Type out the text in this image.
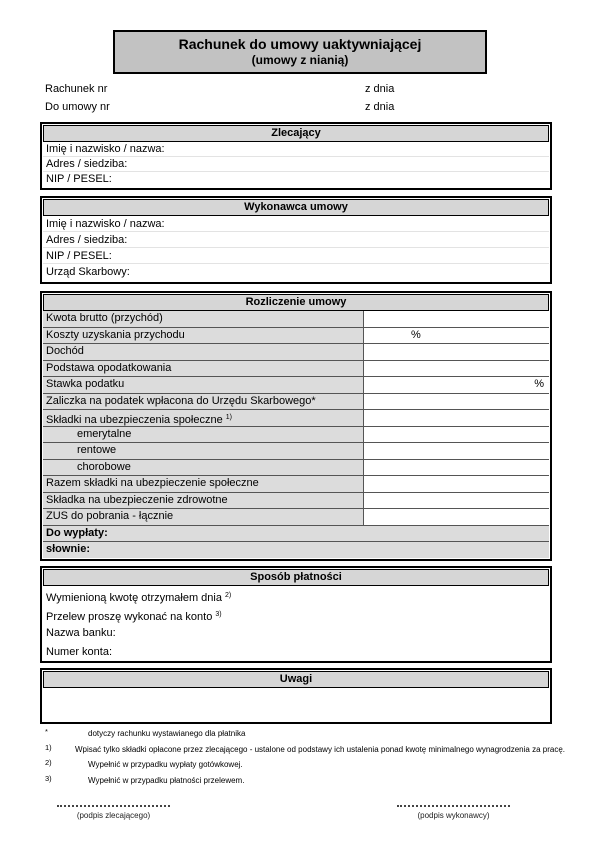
Rachunek do umowy uaktywniającej
(umowy z nianią)
Rachunek nr	z dnia
Do umowy nr	z dnia
Zlecający
Imię i nazwisko / nazwa:
Adres / siedziba:
NIP / PESEL:
Wykonawca umowy
Imię i nazwisko / nazwa:
Adres / siedziba:
NIP / PESEL:
Urząd Skarbowy:
Rozliczenie umowy
Kwota brutto (przychód)
Koszty uzyskania przychodu	%
Dochód
Podstawa opodatkowania
Stawka podatku	%
Zaliczka na podatek wpłacona do Urzędu Skarbowego*
Składki na ubezpieczenia społeczne $^{1)}$
emerytalne
rentowe
chorobowe
Razem składki na ubezpieczenie społeczne
Składka na ubezpieczenie zdrowotne
ZUS do pobrania - łącznie
Do wypłaty:
słownie:
Sposób płatności
Wymienioną kwotę otrzymałem dnia $^{2)}$
Przelew proszę wykonać na konto $^{3)}$
Nazwa banku:
Numer konta:
Uwagi
*	dotyczy rachunku wystawianego dla płatnika
1)	Wpisać tylko składki opłacone przez zlecającego - ustalone od podstawy ich ustalenia ponad kwotę minimalnego wynagrodzenia za pracę.
2)	Wypełnić w przypadku wypłaty gotówkowej.
3)	Wypełnić w przypadku płatności przelewem.
(podpis zlecającego)	(podpis wykonawcy)
